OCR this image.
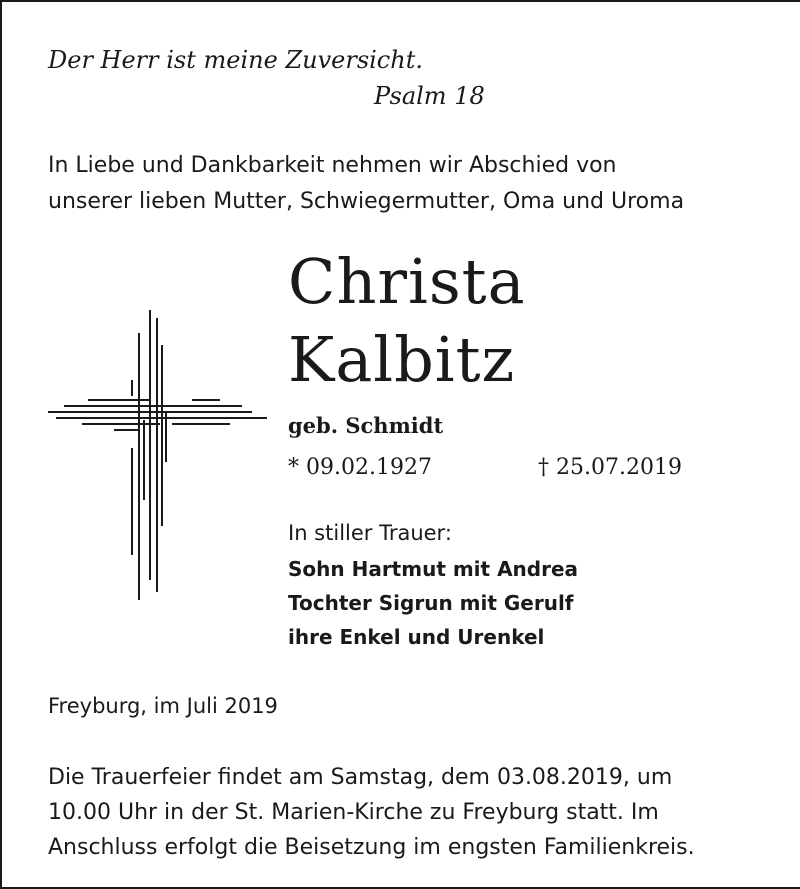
Der Herr ist meine Zuversicht.
Psalm 18
In Liebe und Dankbarkeit nehmen wir Abschied von
unserer lieben Mutter, Schwiegermutter, Oma und Uroma
Christa
Kalbitz
geb. Schmidt
* 09.02.1927	† 25.07.2019
In stiller Trauer:
Sohn Hartmut mit Andrea
Tochter Sigrun mit Gerulf
ihre Enkel und Urenkel
Freyburg, im Juli 2019
Die Trauerfeier findet am Samstag, dem 03.08.2019, um
10.00 Uhr in der St. Marien-Kirche zu Freyburg statt. Im
Anschluss erfolgt die Beisetzung im engsten Familienkreis.
